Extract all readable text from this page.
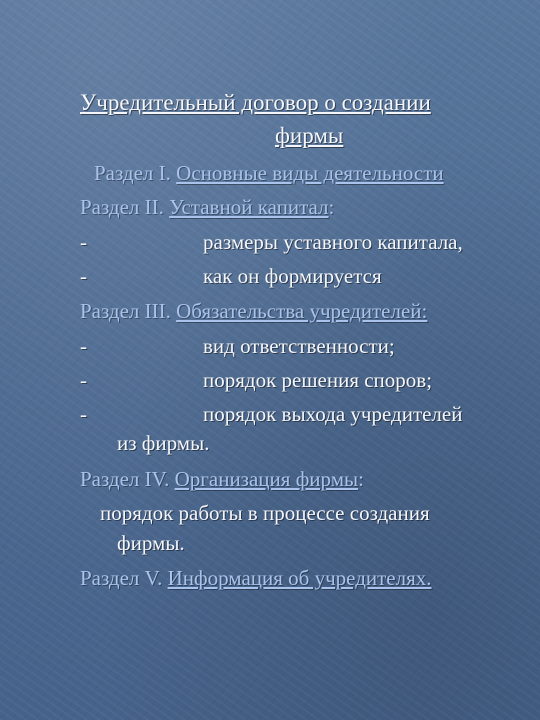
Учредительный договор о создании
фирмы
Раздел I. Основные виды деятельности
Раздел II. Уставной капитал:
-	размеры уставного капитала,
-	как он формируется
Раздел III. Обязательства учредителей:
-	вид ответственности;
-	порядок решения споров;
-	порядок выхода учредителей
из фирмы.
Раздел IV. Организация фирмы:
порядок работы в процессе создания
фирмы.
Раздел V. Информация об учредителях.
